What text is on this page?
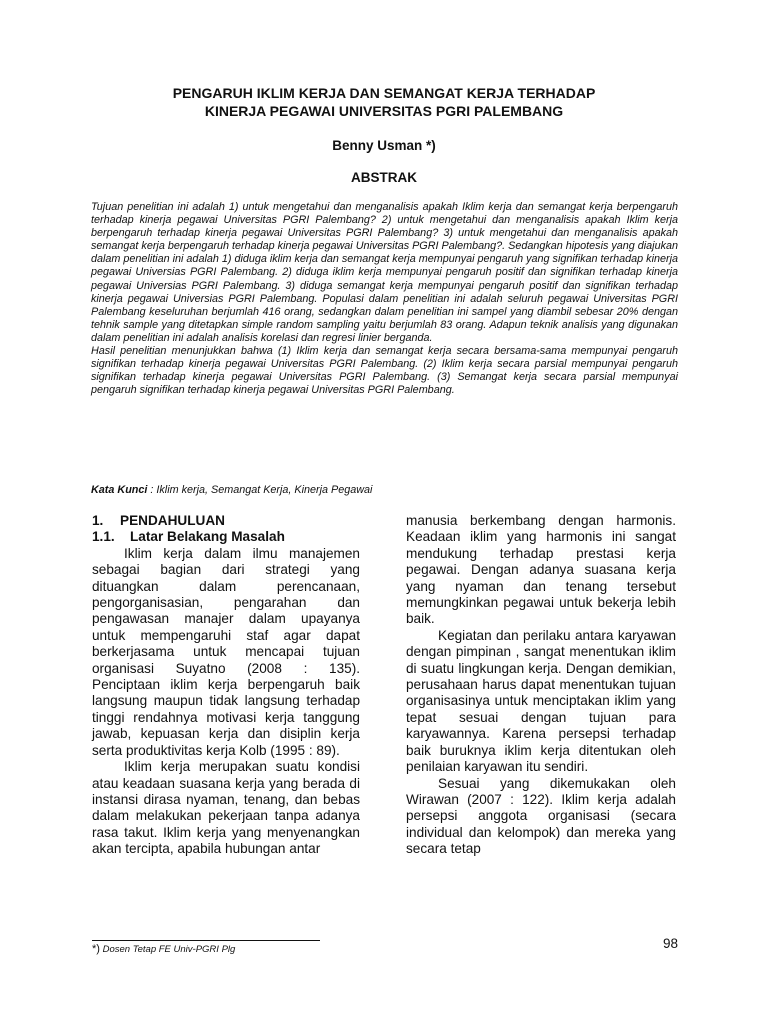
PENGARUH IKLIM KERJA DAN SEMANGAT KERJA TERHADAP
KINERJA PEGAWAI UNIVERSITAS PGRI PALEMBANG
Benny Usman *)
ABSTRAK

Tujuan penelitian ini adalah 1) untuk mengetahui dan menganalisis apakah Iklim kerja dan semangat kerja berpengaruh terhadap kinerja pegawai Universitas PGRI Palembang? 2) untuk mengetahui dan menganalisis apakah Iklim kerja berpengaruh terhadap kinerja pegawai Universitas PGRI Palembang? 3) untuk mengetahui dan menganalisis apakah semangat kerja berpengaruh terhadap kinerja pegawai Universitas PGRI Palembang?. Sedangkan hipotesis yang diajukan dalam penelitian ini adalah 1) diduga iklim kerja dan semangat kerja mempunyai pengaruh yang signifikan terhadap kinerja pegawai Universias PGRI Palembang. 2) diduga iklim kerja mempunyai pengaruh positif dan signifikan terhadap kinerja pegawai Universias PGRI Palembang. 3) diduga semangat kerja mempunyai pengaruh positif dan signifikan terhadap kinerja pegawai Universias PGRI Palembang. Populasi dalam penelitian ini adalah seluruh pegawai Universitas PGRI Palembang keseluruhan berjumlah 416 orang, sedangkan dalam penelitian ini sampel yang diambil sebesar 20% dengan tehnik sample yang ditetapkan simple random sampling yaitu berjumlah 83 orang. Adapun teknik analisis yang digunakan dalam penelitian ini adalah analisis korelasi dan regresi linier berganda.

Hasil penelitian menunjukkan bahwa (1) Iklim kerja dan semangat kerja secara bersama-sama mempunyai pengaruh signifikan terhadap kinerja pegawai Universitas PGRI Palembang. (2) Iklim kerja secara parsial mempunyai pengaruh signifikan terhadap kinerja pegawai Universitas PGRI Palembang. (3) Semangat kerja secara parsial mempunyai pengaruh signifikan terhadap kinerja pegawai Universitas PGRI Palembang.

Kata Kunci : Iklim kerja, Semangat Kerja, Kinerja Pegawai

1. PENDAHULUAN

1.1. Latar Belakang Masalah

Iklim kerja dalam ilmu manajemen sebagai bagian dari strategi yang dituangkan dalam perencanaan, pengorganisasian, pengarahan dan pengawasan manajer dalam upayanya untuk mempengaruhi staf agar dapat berkerjasama untuk mencapai tujuan organisasi Suyatno (2008 : 135). Penciptaan iklim kerja berpengaruh baik langsung maupun tidak langsung terhadap tinggi rendahnya motivasi kerja tanggung jawab, kepuasan kerja dan disiplin kerja serta produktivitas kerja Kolb (1995 : 89).

Iklim kerja merupakan suatu kondisi atau keadaan suasana kerja yang berada di instansi dirasa nyaman, tenang, dan bebas dalam melakukan pekerjaan tanpa adanya rasa takut. Iklim kerja yang menyenangkan akan tercipta, apabila hubungan antar

manusia berkembang dengan harmonis. Keadaan iklim yang harmonis ini sangat mendukung terhadap prestasi kerja pegawai. Dengan adanya suasana kerja yang nyaman dan tenang tersebut memungkinkan pegawai untuk bekerja lebih baik.

Kegiatan dan perilaku antara karyawan dengan pimpinan , sangat menentukan iklim di suatu lingkungan kerja. Dengan demikian, perusahaan harus dapat menentukan tujuan organisasinya untuk menciptakan iklim yang tepat sesuai dengan tujuan para karyawannya. Karena persepsi terhadap baik buruknya iklim kerja ditentukan oleh penilaian karyawan itu sendiri.

Sesuai yang dikemukakan oleh Wirawan (2007 : 122). Iklim kerja adalah persepsi anggota organisasi (secara individual dan kelompok) dan mereka yang secara tetap

*) Dosen Tetap FE Univ-PGRI Plg	98
